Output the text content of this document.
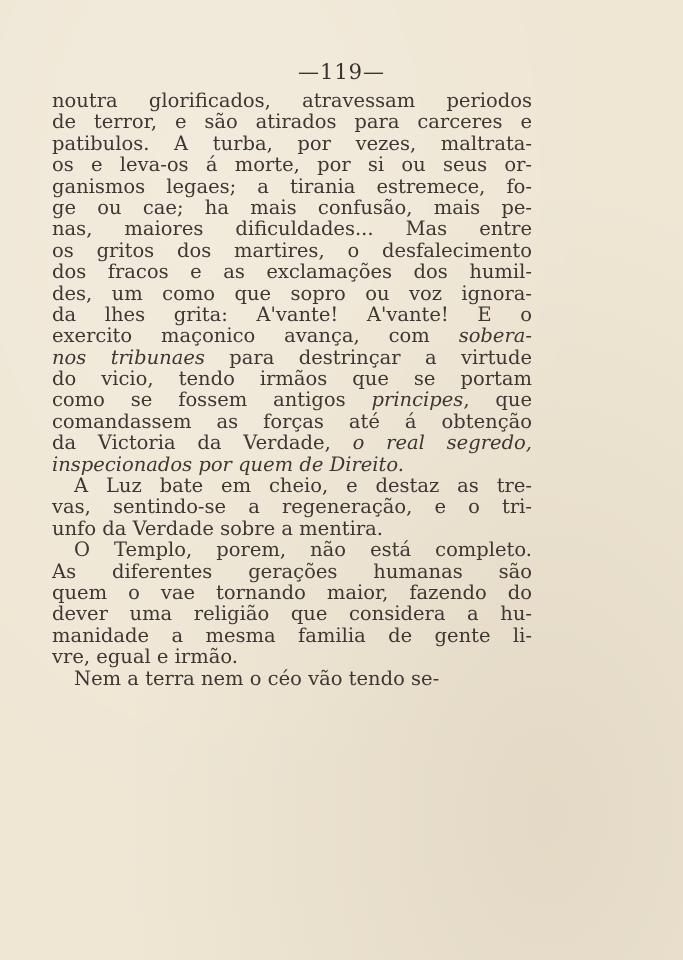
—119—
noutra glorificados, atravessam periodos
de terror, e são atirados para carceres e
patibulos. A turba, por vezes, maltrata-
os e leva-os á morte, por si ou seus or-
ganismos legaes; a tirania estremece, fo-
ge ou cae; ha mais confusão, mais pe-
nas, maiores dificuldades... Mas entre
os gritos dos martires, o desfalecimento
dos fracos e as exclamações dos humil-
des, um como que sopro ou voz ignora-
da lhes grita: A'vante! A'vante! E o
exercito maçonico avança, com sobera-
nos tribunaes para destrinçar a virtude
do vicio, tendo irmãos que se portam
como se fossem antigos principes, que
comandassem as forças até á obtenção
da Victoria da Verdade, o real segredo,
inspecionados por quem de Direito.
A Luz bate em cheio, e destaz as tre-
vas, sentindo-se a regeneração, e o tri-
unfo da Verdade sobre a mentira.
O Templo, porem, não está completo.
As diferentes gerações humanas são
quem o vae tornando maior, fazendo do
dever uma religião que considera a hu-
manidade a mesma familia de gente li-
vre, egual e irmão.
Nem a terra nem o céo vão tendo se-
